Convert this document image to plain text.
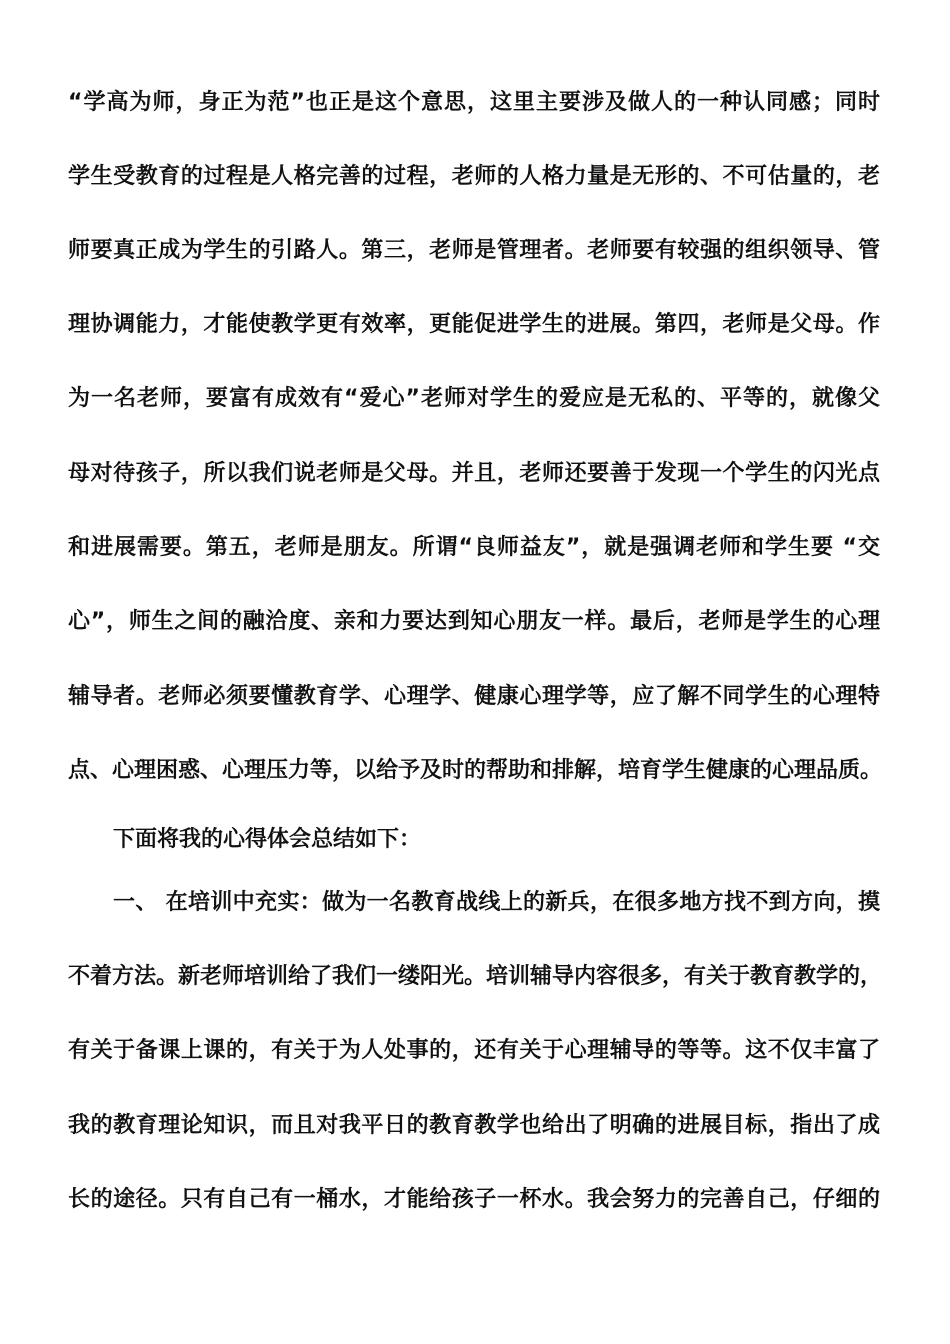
“学高为师，身正为范”也正是这个意思，这里主要涉及做人的一种认同感；同时
学生受教育的过程是人格完善的过程，老师的人格力量是无形的、不可估量的，老
师要真正成为学生的引路人。第三，老师是管理者。老师要有较强的组织领导、管
理协调能力，才能使教学更有效率，更能促进学生的进展。第四，老师是父母。作
为一名老师，要富有成效有“爱心”老师对学生的爱应是无私的、平等的，就像父
母对待孩子，所以我们说老师是父母。并且，老师还要善于发现一个学生的闪光点
和进展需要。第五，老师是朋友。所谓“良师益友”，就是强调老师和学生要 “交
心”，师生之间的融洽度、亲和力要达到知心朋友一样。最后，老师是学生的心理
辅导者。老师必须要懂教育学、心理学、健康心理学等，应了解不同学生的心理特
点、心理困惑、心理压力等，以给予及时的帮助和排解，培育学生健康的心理品质。
下面将我的心得体会总结如下：
一、 在培训中充实：做为一名教育战线上的新兵，在很多地方找不到方向，摸
不着方法。新老师培训给了我们一缕阳光。培训辅导内容很多，有关于教育教学的，
有关于备课上课的，有关于为人处事的，还有关于心理辅导的等等。这不仅丰富了
我的教育理论知识，而且对我平日的教育教学也给出了明确的进展目标，指出了成
长的途径。只有自己有一桶水，才能给孩子一杯水。我会努力的完善自己，仔细的
